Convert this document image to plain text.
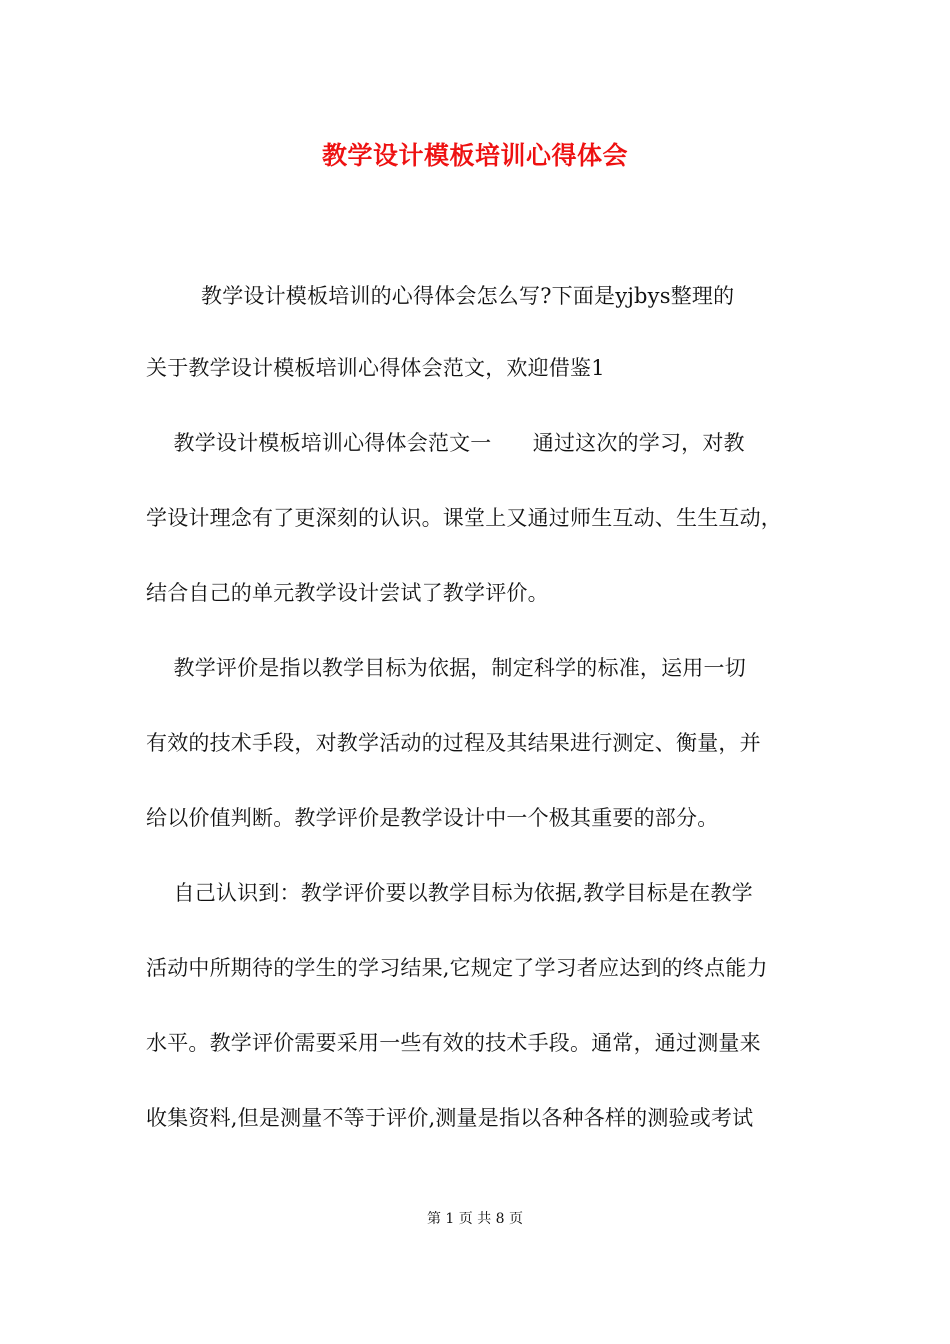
教学设计模板培训心得体会
教学设计模板培训的心得体会怎么写?下面是yjbys整理的
关于教学设计模板培训心得体会范文，欢迎借鉴1
教学设计模板培训心得体会范文一      通过这次的学习，对教
学设计理念有了更深刻的认识。课堂上又通过师生互动、生生互动，
结合自己的单元教学设计尝试了教学评价。
教学评价是指以教学目标为依据，制定科学的标准，运用一切
有效的技术手段，对教学活动的过程及其结果进行测定、衡量，并
给以价值判断。教学评价是教学设计中一个极其重要的部分。
自己认识到：教学评价要以教学目标为依据,教学目标是在教学
活动中所期待的学生的学习结果,它规定了学习者应达到的终点能力
水平。教学评价需要采用一些有效的技术手段。通常，通过测量来
收集资料,但是测量不等于评价,测量是指以各种各样的测验或考试
第 1 页 共 8 页
